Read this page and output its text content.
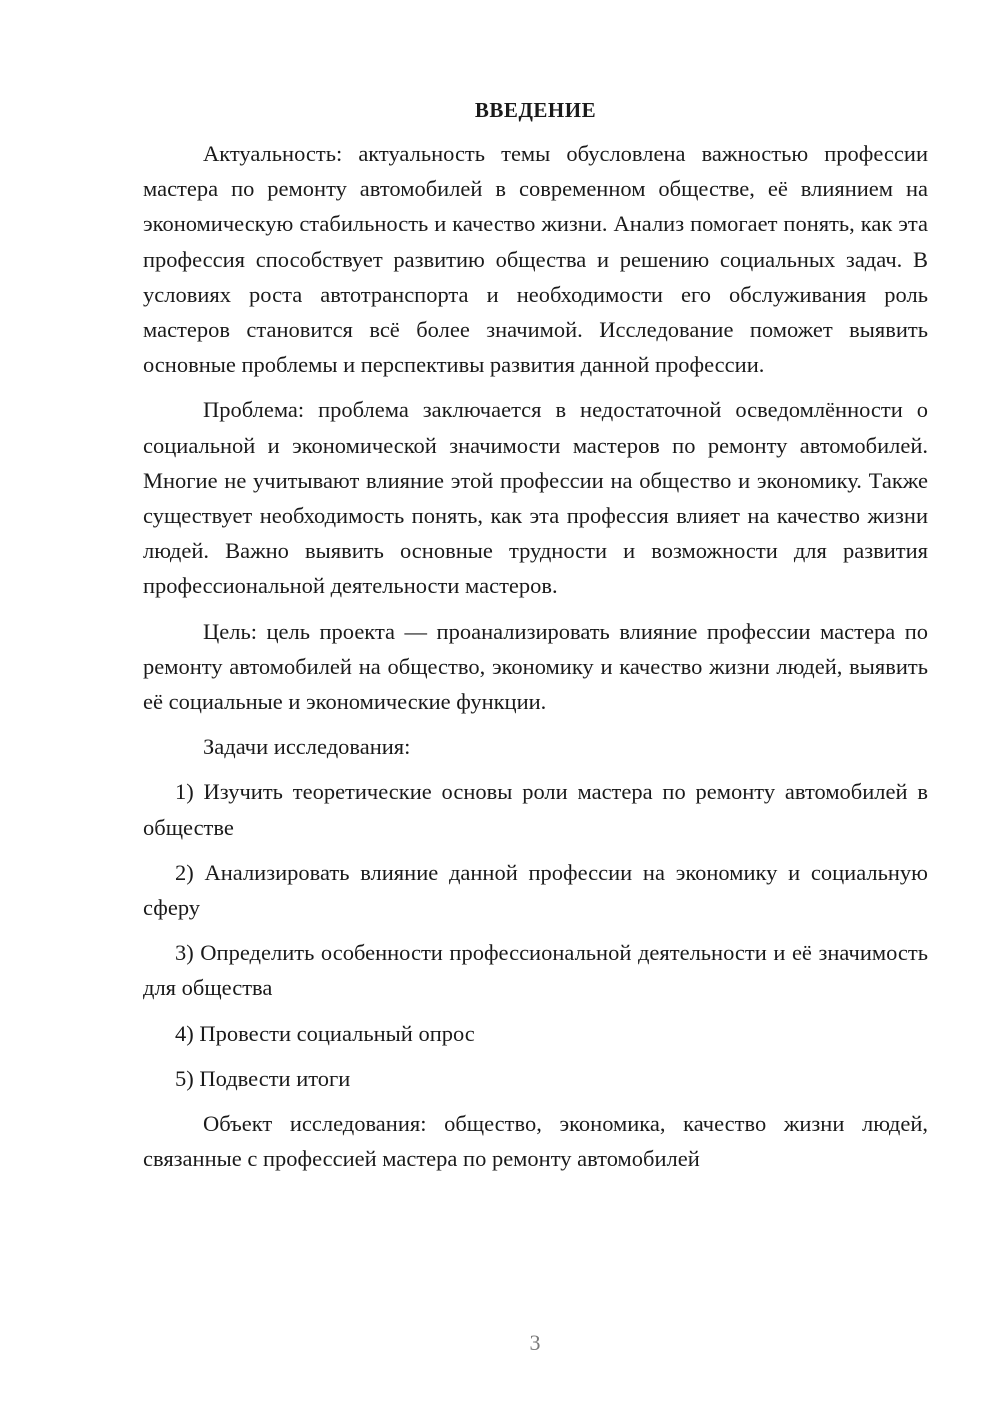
ВВЕДЕНИЕ

Актуальность: актуальность темы обусловлена важностью профессии мастера по ремонту автомобилей в современном обществе, её влиянием на экономическую стабильность и качество жизни. Анализ помогает понять, как эта профессия способствует развитию общества и решению социальных задач. В условиях роста автотранспорта и необходимости его обслуживания роль мастеров становится всё более значимой. Исследование поможет выявить основные проблемы и перспективы развития данной профессии.

Проблема: проблема заключается в недостаточной осведомлённости о социальной и экономической значимости мастеров по ремонту автомобилей. Многие не учитывают влияние этой профессии на общество и экономику. Также существует необходимость понять, как эта профессия влияет на качество жизни людей. Важно выявить основные трудности и возможности для развития профессиональной деятельности мастеров.

Цель: цель проекта — проанализировать влияние профессии мастера по ремонту автомобилей на общество, экономику и качество жизни людей, выявить её социальные и экономические функции.

Задачи исследования:

1) Изучить теоретические основы роли мастера по ремонту автомобилей в обществе

2) Анализировать влияние данной профессии на экономику и социальную сферу

3) Определить особенности профессиональной деятельности и её значимость для общества

4) Провести социальный опрос

5) Подвести итоги

Объект исследования: общество, экономика, качество жизни людей, связанные с профессией мастера по ремонту автомобилей

3
